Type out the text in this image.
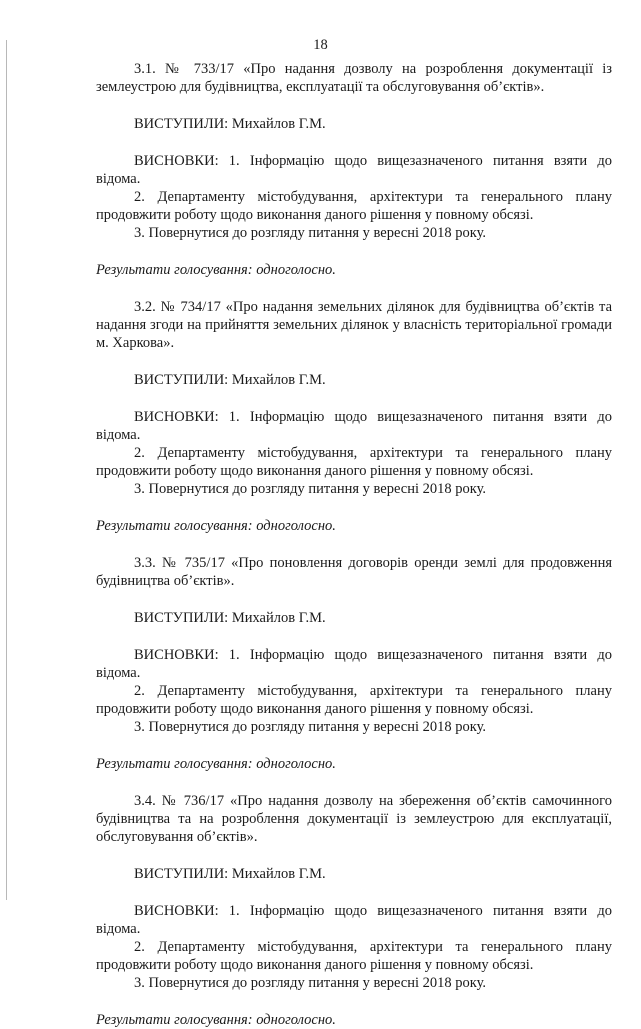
18

3.1. № 733/17 «Про надання дозволу на розроблення документації із землеустрою для будівництва, експлуатації та обслуговування об’єктів».

ВИСТУПИЛИ: Михайлов Г.М.

ВИСНОВКИ: 1. Інформацію щодо вищезазначеного питання взяти до відома.

2. Департаменту містобудування, архітектури та генерального плану продовжити роботу щодо виконання даного рішення у повному обсязі.

3. Повернутися до розгляду питання у вересні 2018 року.

Результати голосування: одноголосно.

3.2. № 734/17 «Про надання земельних ділянок для будівництва об’єктів та надання згоди на прийняття земельних ділянок у власність територіальної громади м. Харкова».

ВИСТУПИЛИ: Михайлов Г.М.

ВИСНОВКИ: 1. Інформацію щодо вищезазначеного питання взяти до відома.

2. Департаменту містобудування, архітектури та генерального плану продовжити роботу щодо виконання даного рішення у повному обсязі.

3. Повернутися до розгляду питання у вересні 2018 року.

Результати голосування: одноголосно.

3.3. № 735/17 «Про поновлення договорів оренди землі для продовження будівництва об’єктів».

ВИСТУПИЛИ: Михайлов Г.М.

ВИСНОВКИ: 1. Інформацію щодо вищезазначеного питання взяти до відома.

2. Департаменту містобудування, архітектури та генерального плану продовжити роботу щодо виконання даного рішення у повному обсязі.

3. Повернутися до розгляду питання у вересні 2018 року.

Результати голосування: одноголосно.

3.4. № 736/17 «Про надання дозволу на збереження об’єктів самочинного будівництва та на розроблення документації із землеустрою для експлуатації, обслуговування об’єктів».

ВИСТУПИЛИ: Михайлов Г.М.

ВИСНОВКИ: 1. Інформацію щодо вищезазначеного питання взяти до відома.

2. Департаменту містобудування, архітектури та генерального плану продовжити роботу щодо виконання даного рішення у повному обсязі.

3. Повернутися до розгляду питання у вересні 2018 року.

Результати голосування: одноголосно.
